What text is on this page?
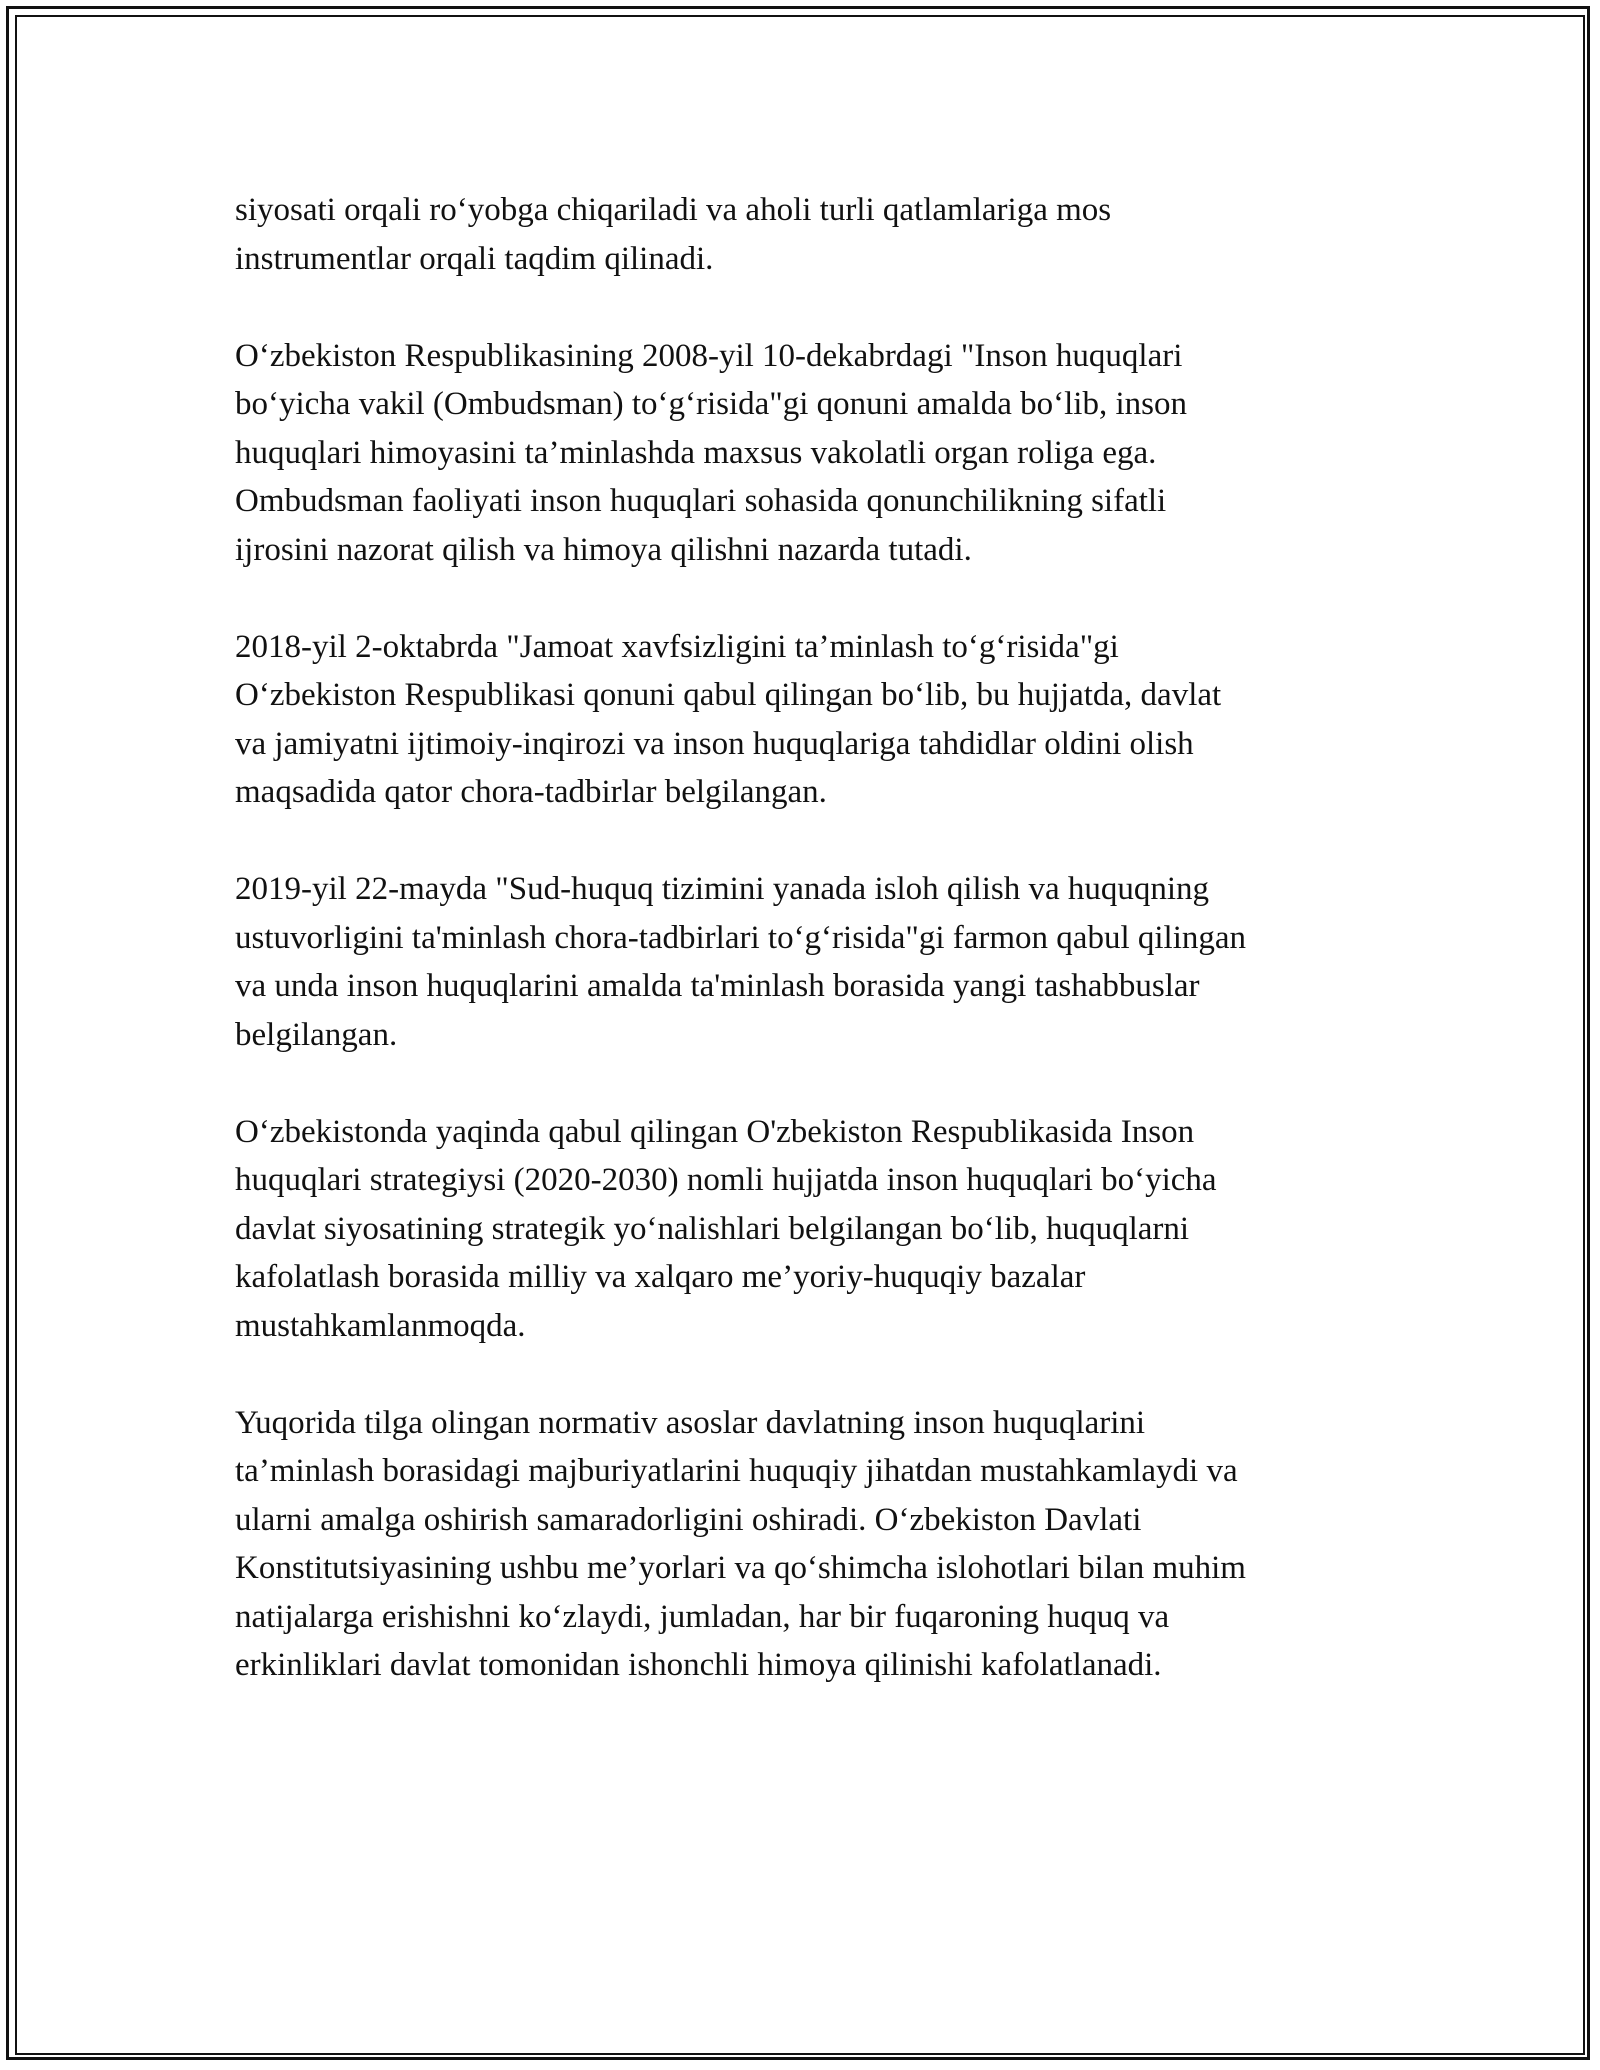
siyosati orqali ro‘yobga chiqariladi va aholi turli qatlamlariga mos
instrumentlar orqali taqdim qilinadi.

O‘zbekiston Respublikasining 2008-yil 10-dekabrdagi "Inson huquqlari
bo‘yicha vakil (Ombudsman) to‘g‘risida"gi qonuni amalda bo‘lib, inson
huquqlari himoyasini ta’minlashda maxsus vakolatli organ roliga ega.
Ombudsman faoliyati inson huquqlari sohasida qonunchilikning sifatli
ijrosini nazorat qilish va himoya qilishni nazarda tutadi.

2018-yil 2-oktabrda "Jamoat xavfsizligini ta’minlash to‘g‘risida"gi
O‘zbekiston Respublikasi qonuni qabul qilingan bo‘lib, bu hujjatda, davlat
va jamiyatni ijtimoiy-inqirozi va inson huquqlariga tahdidlar oldini olish
maqsadida qator chora-tadbirlar belgilangan.

2019-yil 22-mayda "Sud-huquq tizimini yanada isloh qilish va huquqning
ustuvorligini ta'minlash chora-tadbirlari to‘g‘risida"gi farmon qabul qilingan
va unda inson huquqlarini amalda ta'minlash borasida yangi tashabbuslar
belgilangan.

O‘zbekistonda yaqinda qabul qilingan O'zbekiston Respublikasida Inson
huquqlari strategiysi (2020-2030) nomli hujjatda inson huquqlari bo‘yicha
davlat siyosatining strategik yo‘nalishlari belgilangan bo‘lib, huquqlarni
kafolatlash borasida milliy va xalqaro me’yoriy-huquqiy bazalar
mustahkamlanmoqda.

Yuqorida tilga olingan normativ asoslar davlatning inson huquqlarini
ta’minlash borasidagi majburiyatlarini huquqiy jihatdan mustahkamlaydi va
ularni amalga oshirish samaradorligini oshiradi. O‘zbekiston Davlati
Konstitutsiyasining ushbu me’yorlari va qo‘shimcha islohotlari bilan muhim
natijalarga erishishni ko‘zlaydi, jumladan, har bir fuqaroning huquq va
erkinliklari davlat tomonidan ishonchli himoya qilinishi kafolatlanadi.
